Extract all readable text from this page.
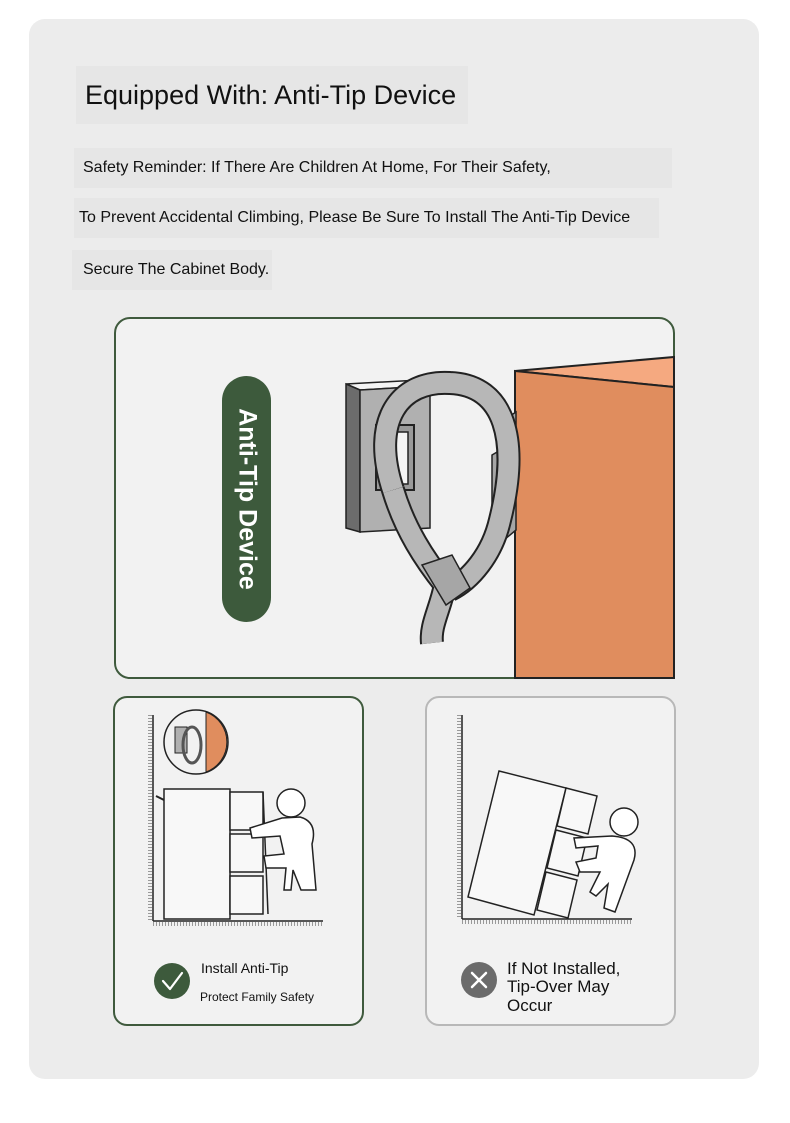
Equipped With: Anti-Tip Device
Safety Reminder: If There Are Children At Home, For Their Safety,
To Prevent Accidental Climbing, Please Be Sure To Install The Anti-Tip Device
Secure The Cabinet Body.
Anti-Tip Device
Install Anti-Tip
Protect Family Safety
If Not Installed,
Tip-Over May
Occur
